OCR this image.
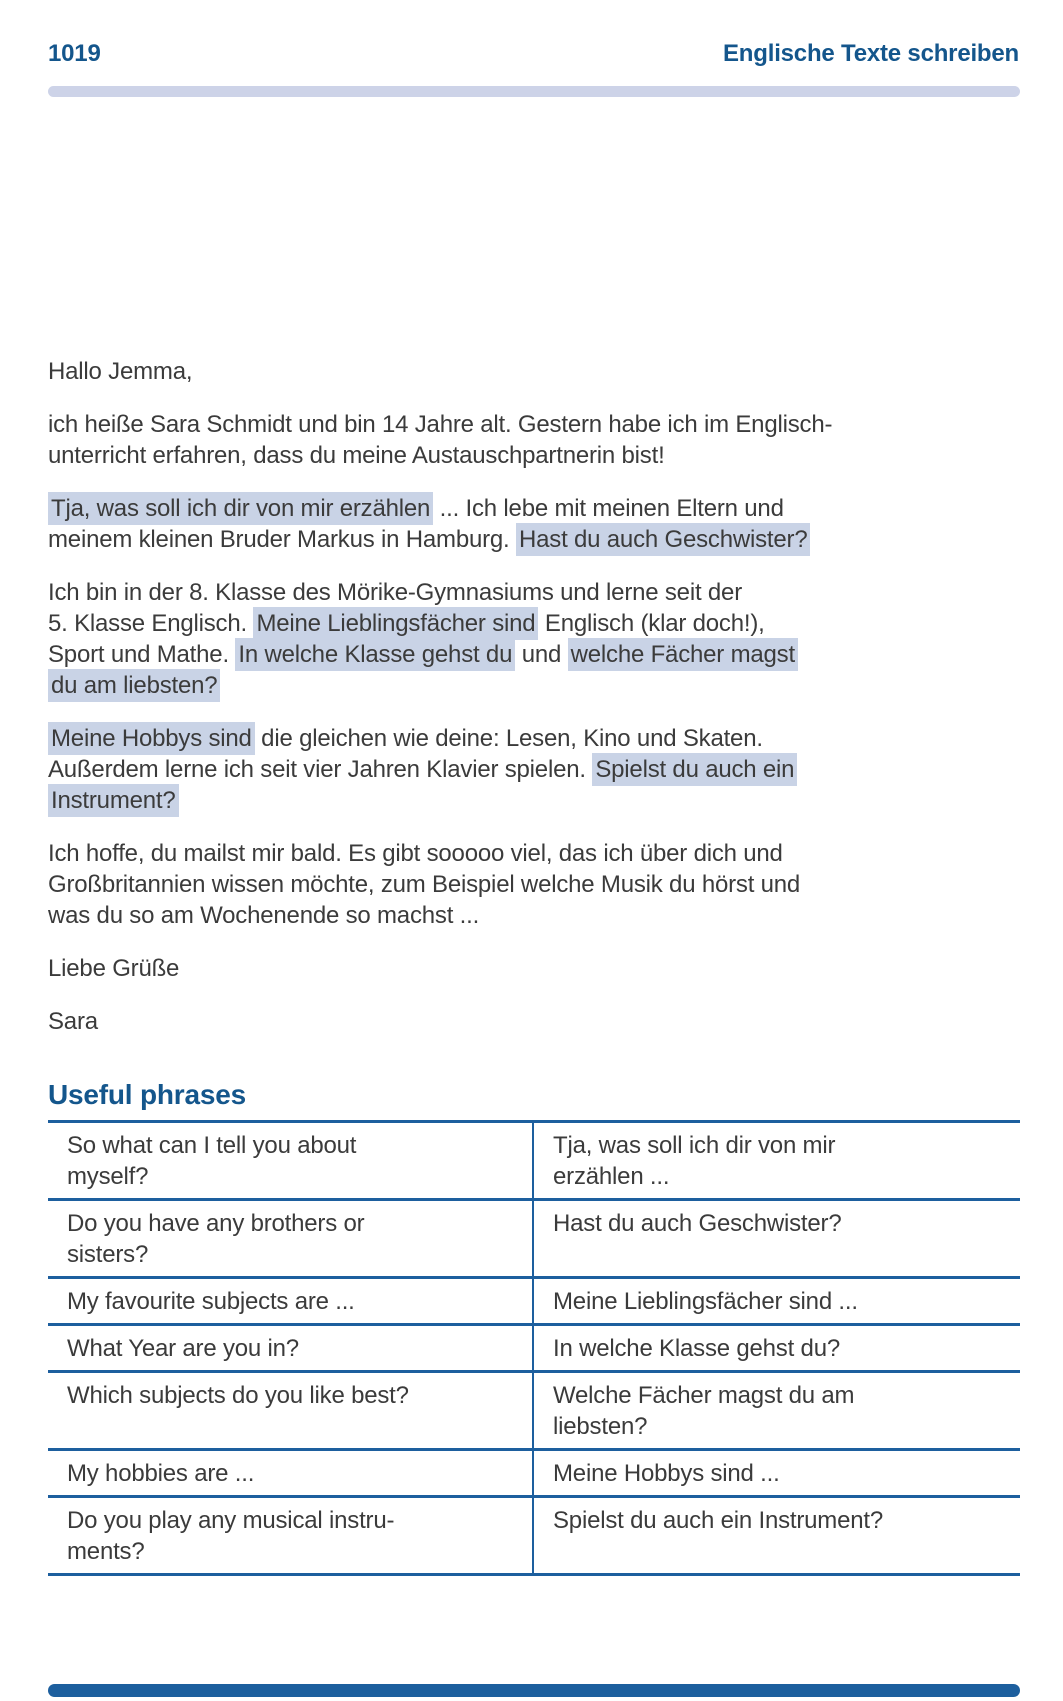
1019	Englische Texte schreiben

Hallo Jemma,

ich heiße Sara Schmidt und bin 14 Jahre alt. Gestern habe ich im Englisch-
unterricht erfahren, dass du meine Austauschpartnerin bist!

Tja, was soll ich dir von mir erzählen ... Ich lebe mit meinen Eltern und
meinem kleinen Bruder Markus in Hamburg. Hast du auch Geschwister?

Ich bin in der 8. Klasse des Mörike-Gymnasiums und lerne seit der
5. Klasse Englisch. Meine Lieblingsfächer sind Englisch (klar doch!),
Sport und Mathe. In welche Klasse gehst du und welche Fächer magst
du am liebsten?

Meine Hobbys sind die gleichen wie deine: Lesen, Kino und Skaten.
Außerdem lerne ich seit vier Jahren Klavier spielen. Spielst du auch ein
Instrument?

Ich hoffe, du mailst mir bald. Es gibt sooooo viel, das ich über dich und
Großbritannien wissen möchte, zum Beispiel welche Musik du hörst und
was du so am Wochenende so machst ...

Liebe Grüße

Sara

Useful phrases
So what can I tell you about
myself?	Tja, was soll ich dir von mir
erzählen ...
Do you have any brothers or
sisters?	Hast du auch Geschwister?
My favourite subjects are ...	Meine Lieblingsfächer sind ...
What Year are you in?	In welche Klasse gehst du?
Which subjects do you like best?	Welche Fächer magst du am
liebsten?
My hobbies are ...	Meine Hobbys sind ...
Do you play any musical instru-
ments?	Spielst du auch ein Instrument?
